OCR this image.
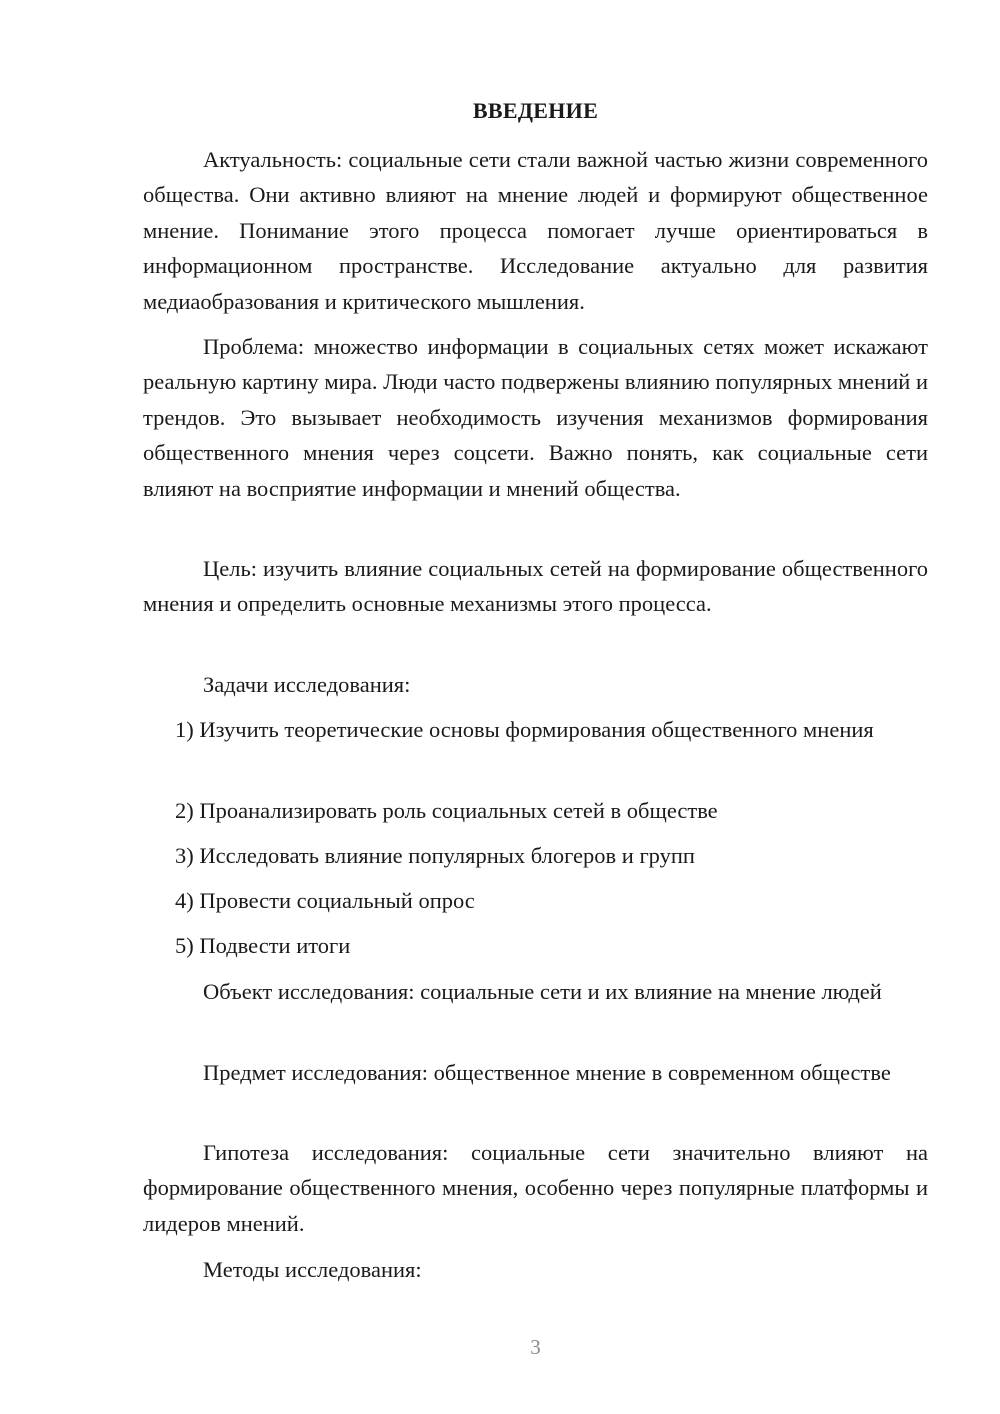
ВВЕДЕНИЕ

Актуальность: социальные сети стали важной частью жизни современного общества. Они активно влияют на мнение людей и формируют общественное мнение. Понимание этого процесса помогает лучше ориентироваться в информационном пространстве. Исследование актуально для развития медиаобразования и критического мышления.

Проблема: множество информации в социальных сетях может искажают реальную картину мира. Люди часто подвержены влиянию популярных мнений и трендов. Это вызывает необходимость изучения механизмов формирования общественного мнения через соцсети. Важно понять, как социальные сети влияют на восприятие информации и мнений общества.

Цель: изучить влияние социальных сетей на формирование общественного мнения и определить основные механизмы этого процесса.

Задачи исследования:

1) Изучить теоретические основы формирования общественного мнения

2) Проанализировать роль социальных сетей в обществе

3) Исследовать влияние популярных блогеров и групп

4) Провести социальный опрос

5) Подвести итоги

Объект исследования: социальные сети и их влияние на мнение людей

Предмет исследования: общественное мнение в современном обществе

Гипотеза исследования: социальные сети значительно влияют на формирование общественного мнения, особенно через популярные платформы и лидеров мнений.

Методы исследования:

3
